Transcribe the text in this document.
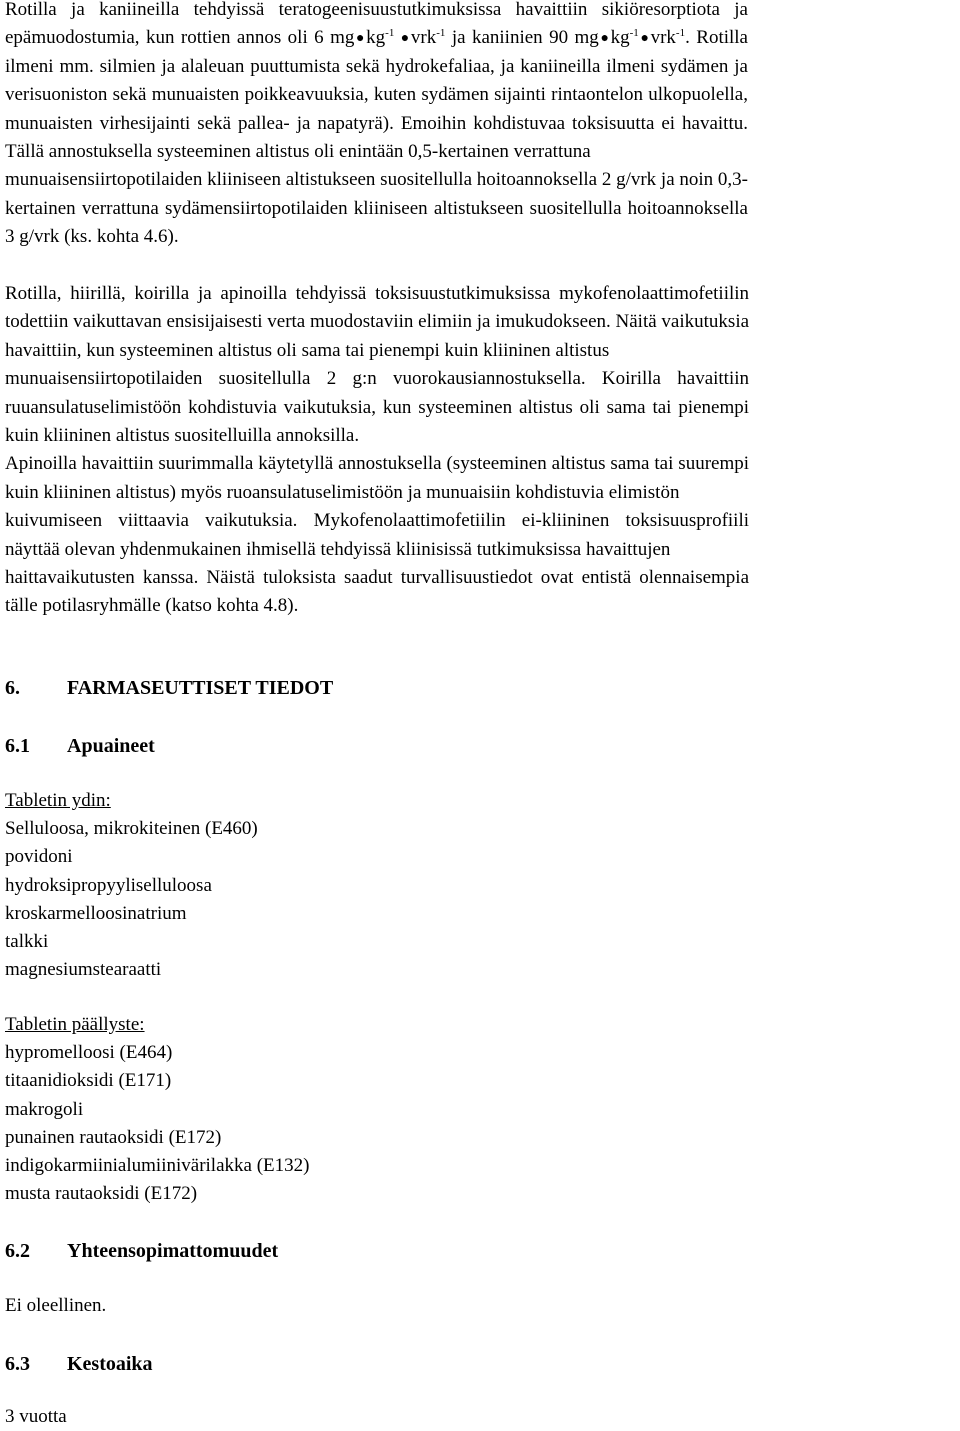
Rotilla ja kaniineilla tehdyissä teratogeenisuustutkimuksissa havaittiin sikiöresorptiota ja
epämuodostumia, kun rottien annos oli 6 $mg●kg^{-1}$ ●vrk$^{-1}$ ja kaniinien 90 $mg●kg^{-1}●vrk^{-1}$. Rotilla
ilmeni mm. silmien ja alaleuan puuttumista sekä hydrokefaliaa, ja kaniineilla ilmeni sydämen ja
verisuoniston sekä munuaisten poikkeavuuksia, kuten sydämen sijainti rintaontelon ulkopuolella,
munuaisten virhesijainti sekä pallea- ja napatyrä). Emoihin kohdistuvaa toksisuutta ei havaittu.
Tällä annostuksella systeeminen altistus oli enintään 0,5-kertainen verrattuna
munuaisensiirtopotilaiden kliiniseen altistukseen suositellulla hoitoannoksella 2 g/vrk ja noin 0,3-
kertainen verrattuna sydämensiirtopotilaiden kliiniseen altistukseen suositellulla hoitoannoksella
3 g/vrk (ks. kohta 4.6).
Rotilla, hiirillä, koirilla ja apinoilla tehdyissä toksisuustutkimuksissa mykofenolaattimofetiilin
todettiin vaikuttavan ensisijaisesti verta muodostaviin elimiin ja imukudokseen. Näitä vaikutuksia
havaittiin, kun systeeminen altistus oli sama tai pienempi kuin kliininen altistus
munuaisensiirtopotilaiden suositellulla 2 g:n vuorokausiannostuksella. Koirilla havaittiin
ruuansulatuselimistöön kohdistuvia vaikutuksia, kun systeeminen altistus oli sama tai pienempi
kuin kliininen altistus suositelluilla annoksilla.
Apinoilla havaittiin suurimmalla käytetyllä annostuksella (systeeminen altistus sama tai suurempi
kuin kliininen altistus) myös ruoansulatuselimistöön ja munuaisiin kohdistuvia elimistön
kuivumiseen viittaavia vaikutuksia. Mykofenolaattimofetiilin ei-kliininen toksisuusprofiili
näyttää olevan yhdenmukainen ihmisellä tehdyissä kliinisissä tutkimuksissa havaittujen
haittavaikutusten kanssa. Näistä tuloksista saadut turvallisuustiedot ovat entistä olennaisempia
tälle potilasryhmälle (katso kohta 4.8).
6. FARMASEUTTISET TIEDOT
6.1 Apuaineet
Tabletin ydin:
Selluloosa, mikrokiteinen (E460)
povidoni
hydroksipropyyliselluloosa
kroskarmelloosinatrium
talkki
magnesiumstearaatti
Tabletin päällyste:
hypromelloosi (E464)
titaanidioksidi (E171)
makrogoli
punainen rautaoksidi (E172)
indigokarmiinialumiinivärilakka (E132)
musta rautaoksidi (E172)
6.2 Yhteensopimattomuudet

Ei oleellinen.

6.3 Kestoaika

3 vuotta
